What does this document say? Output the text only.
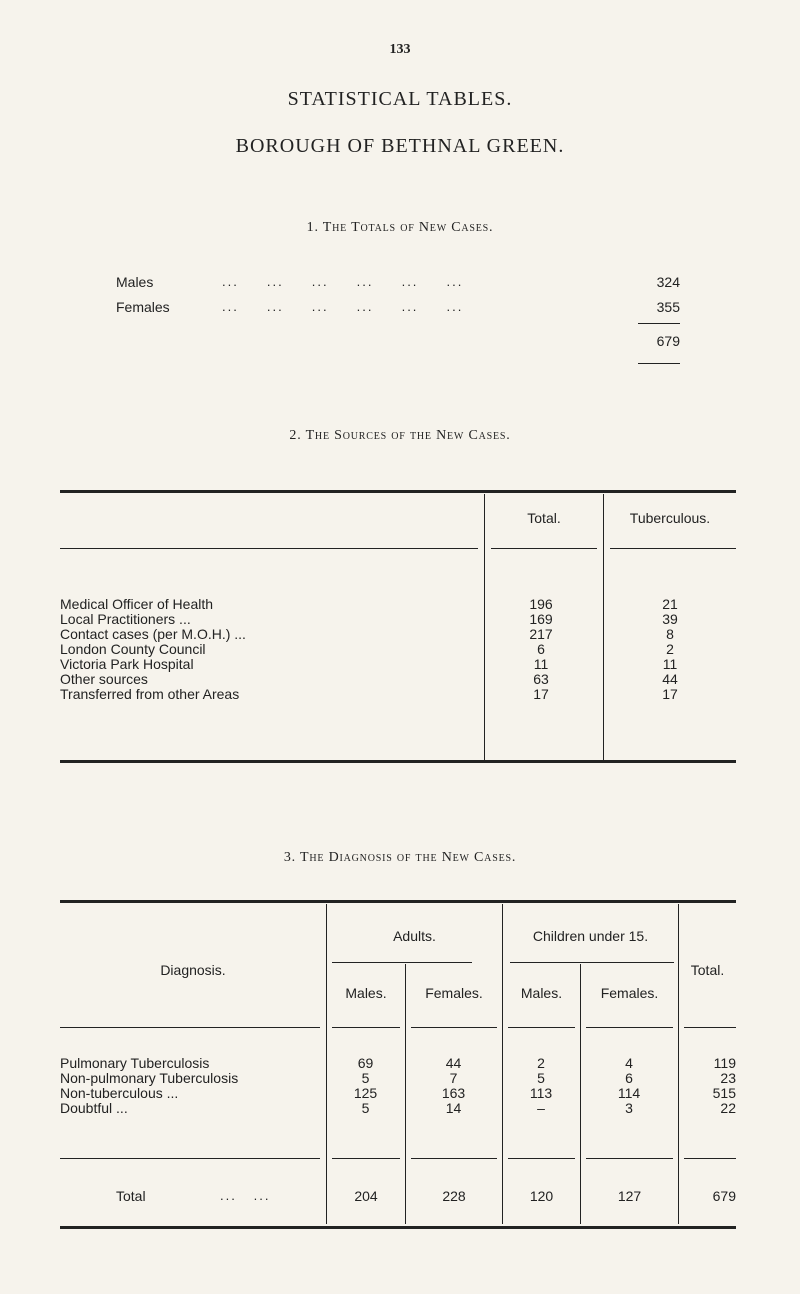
133
STATISTICAL TABLES.
BOROUGH OF BETHNAL GREEN.
1. The Totals of New Cases.
Males	...     ...     ...     ...     ...     ...	324
Females	...     ...     ...     ...     ...     ...	355
679
2. The Sources of the New Cases.
Total.	Tuberculous.
Medical Officer of Health	196	21
Local Practitioners ...	169	39
Contact cases (per M.O.H.) ...	217	8
London County Council	6	2
Victoria Park Hospital	11	11
Other sources	63	44
Transferred from other Areas	17	17
3. The Diagnosis of the New Cases.
Diagnosis.
Adults.	Children under 15.
Total.
Males.	Females.	Males.	Females.
Pulmonary Tuberculosis	69	44	2	4	119
Non-pulmonary Tuberculosis	5	7	5	6	23
Non-tuberculous ...	125	163	113	114	515
Doubtful ...	5	14	–	3	22
Total	...   ...	204	228	120	127	679
